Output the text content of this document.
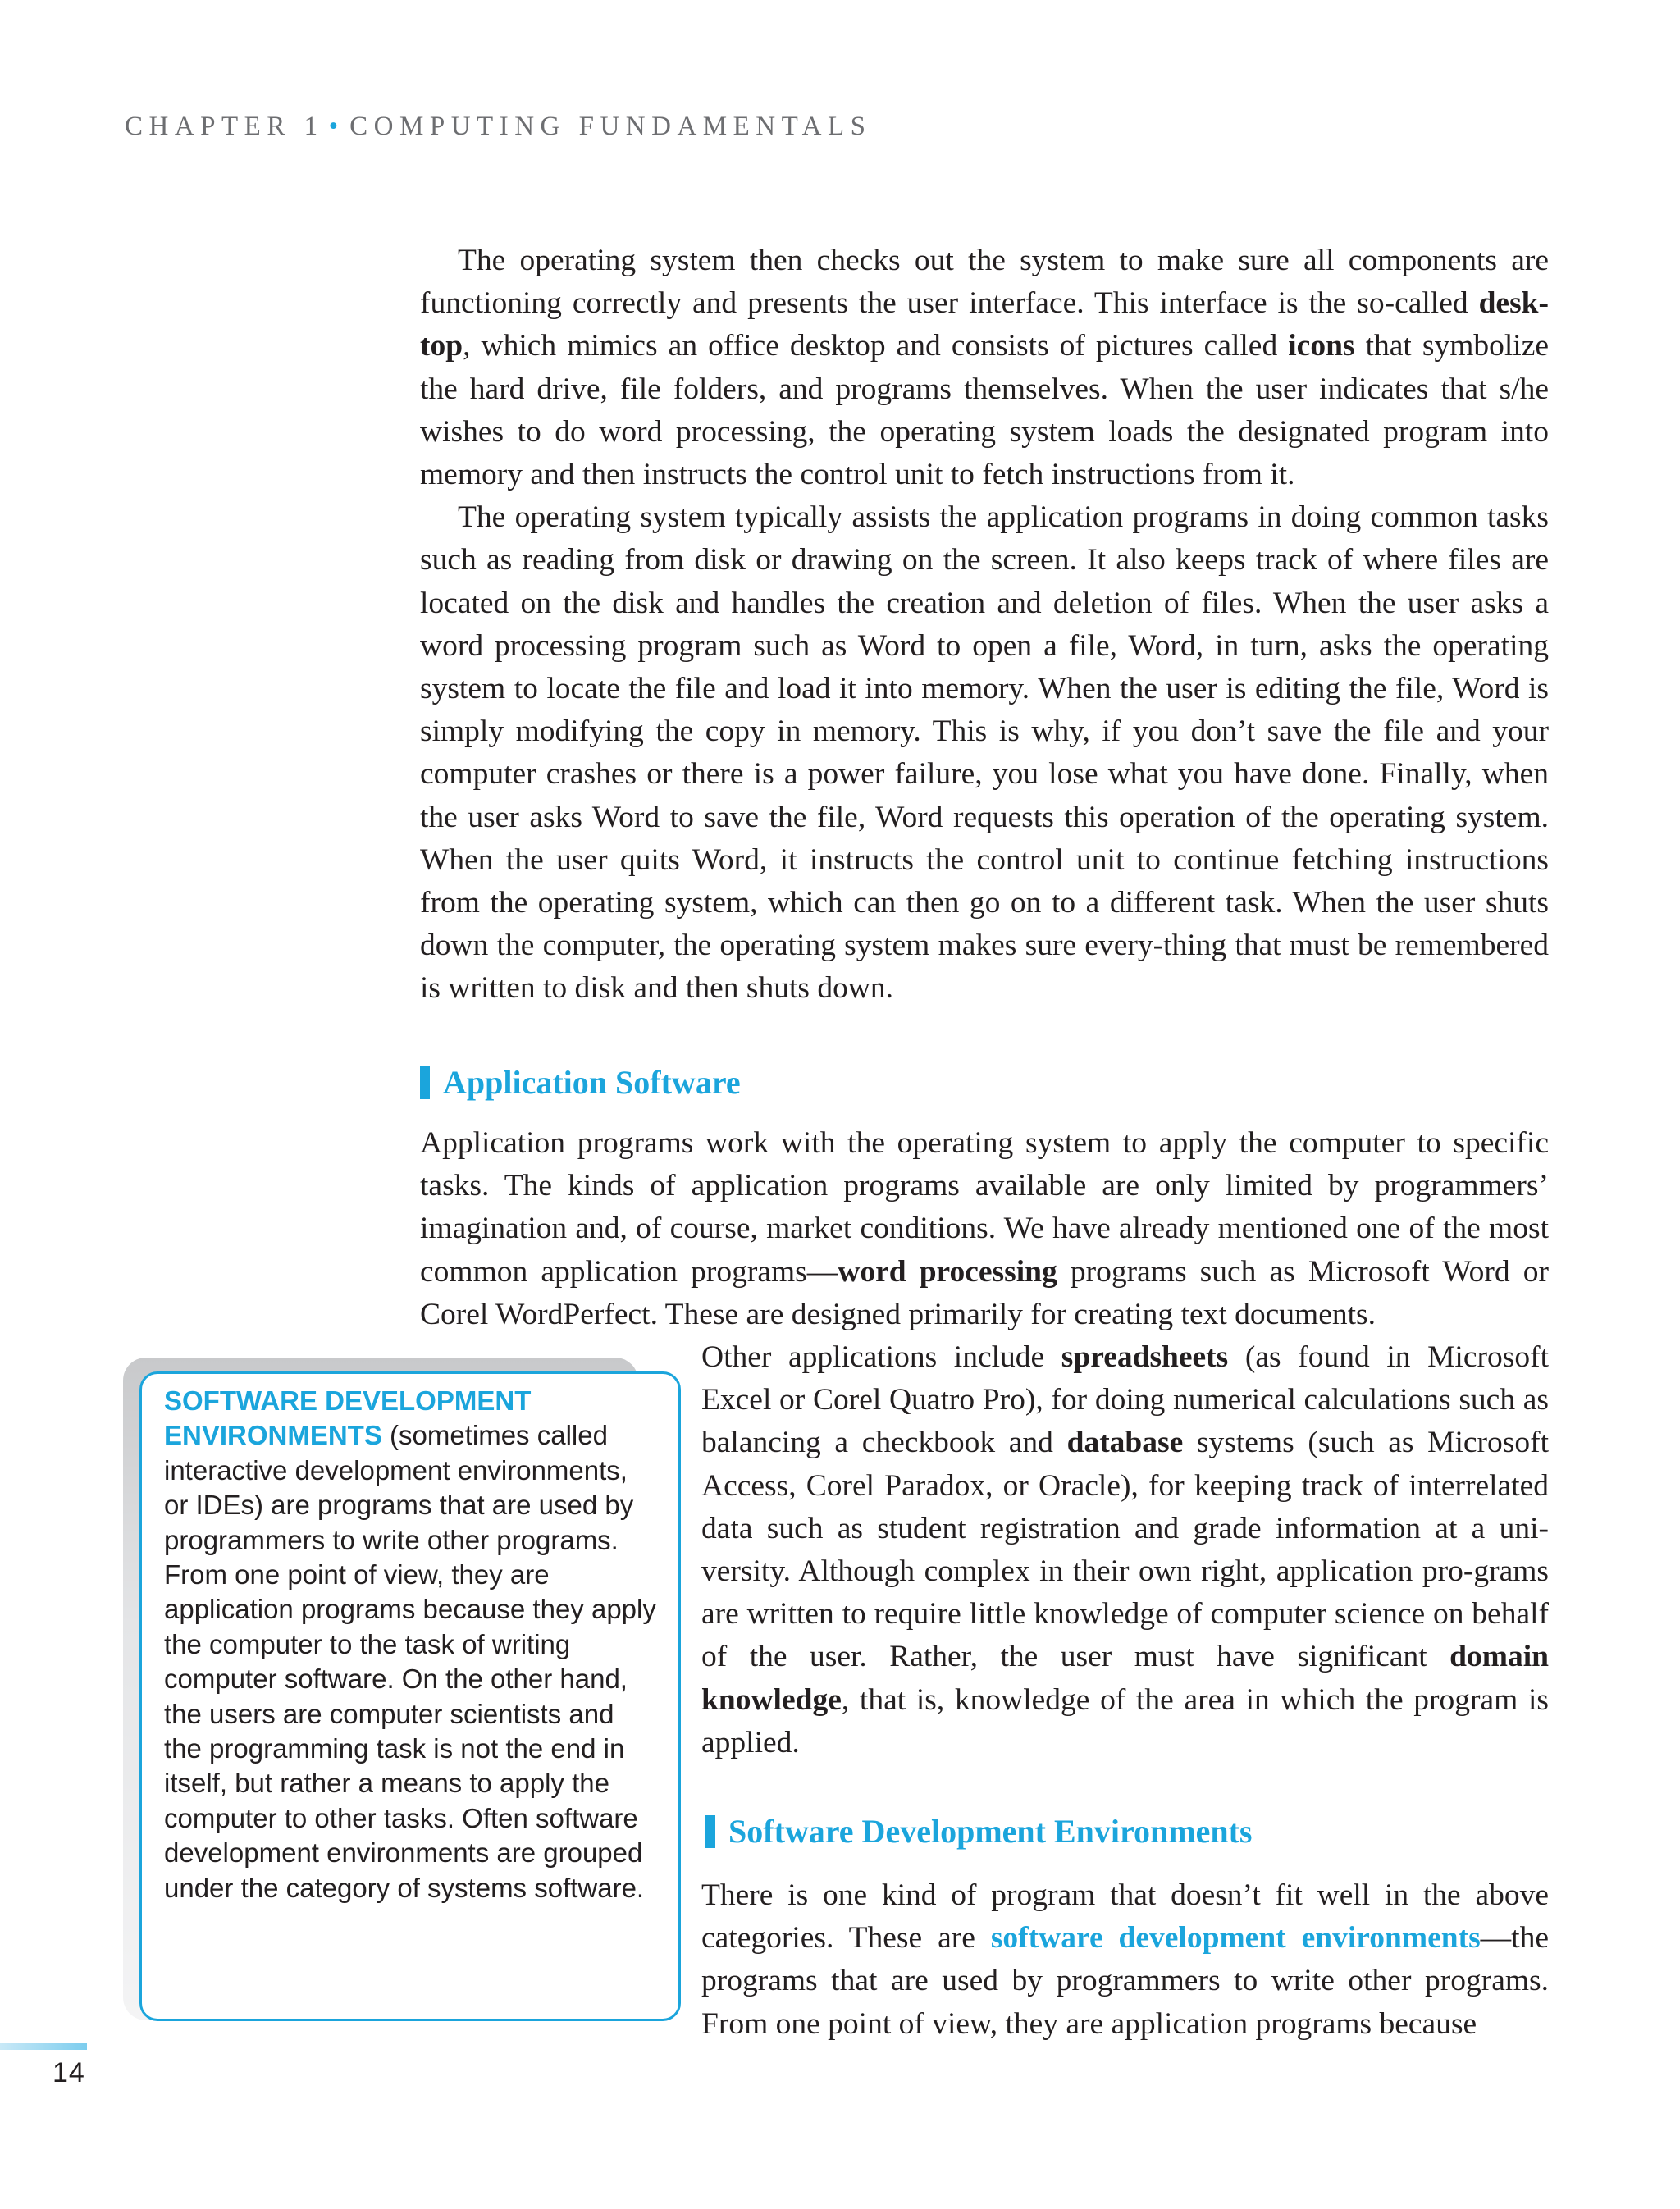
CHAPTER 1 • COMPUTING FUNDAMENTALS

The operating system then checks out the system to make sure all components are functioning correctly and presents the user interface. This interface is the so-called desk-top, which mimics an office desktop and consists of pictures called icons that symbolize the hard drive, file folders, and programs themselves. When the user indicates that s/he wishes to do word processing, the operating system loads the designated program into memory and then instructs the control unit to fetch instructions from it.

The operating system typically assists the application programs in doing common tasks such as reading from disk or drawing on the screen. It also keeps track of where files are located on the disk and handles the creation and deletion of files. When the user asks a word processing program such as Word to open a file, Word, in turn, asks the operating system to locate the file and load it into memory. When the user is editing the file, Word is simply modifying the copy in memory. This is why, if you don’t save the file and your computer crashes or there is a power failure, you lose what you have done. Finally, when the user asks Word to save the file, Word requests this operation of the operating system. When the user quits Word, it instructs the control unit to continue fetching instructions from the operating system, which can then go on to a different task. When the user shuts down the computer, the operating system makes sure every-thing that must be remembered is written to disk and then shuts down.

Application Software

Application programs work with the operating system to apply the computer to specific tasks. The kinds of application programs available are only limited by programmers’ imagination and, of course, market conditions. We have already mentioned one of the most common application programs—word processing programs such as Microsoft Word or Corel WordPerfect. These are designed primarily for creating text documents.

Other applications include spreadsheets (as found in Microsoft Excel or Corel Quatro Pro), for doing numerical calculations such as balancing a checkbook and database systems (such as Microsoft Access, Corel Paradox, or Oracle), for keeping track of interrelated data such as student registration and grade information at a uni-versity. Although complex in their own right, application pro-grams are written to require little knowledge of computer science on behalf of the user. Rather, the user must have significant domain knowledge, that is, knowledge of the area in which the program is applied.

Software Development Environments

There is one kind of program that doesn’t fit well in the above categories. These are software development environments—the programs that are used by programmers to write other programs. From one point of view, they are application programs because

SOFTWARE DEVELOPMENT ENVIRONMENTS (sometimes called interactive development environments, or IDEs) are programs that are used by programmers to write other programs. From one point of view, they are application programs because they apply the computer to the task of writing computer software. On the other hand, the users are computer scientists and the programming task is not the end in itself, but rather a means to apply the computer to other tasks. Often software development environments are grouped under the category of systems software.
14
